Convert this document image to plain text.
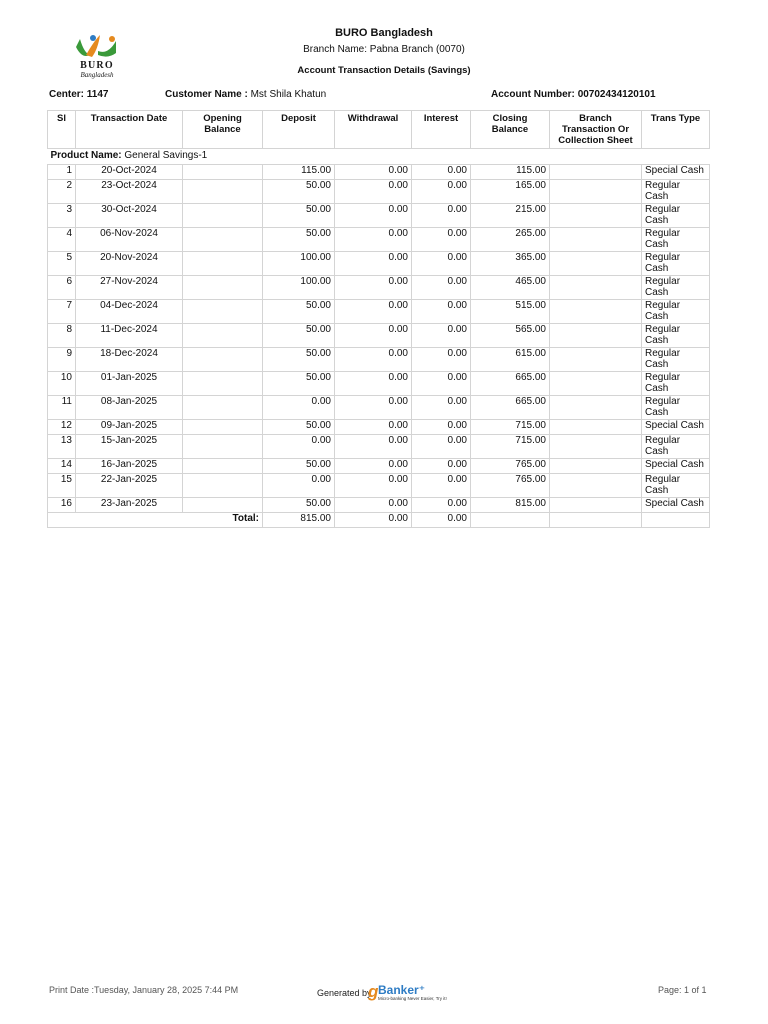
BURO
Bangladesh
BURO Bangladesh
Branch Name: Pabna Branch (0070)
Account Transaction Details (Savings)
Center: 1147	Customer Name : Mst Shila Khatun	Account Number: 00702434120101
Sl	Transaction Date	Opening Balance	Deposit	Withdrawal	Interest	Closing Balance	Branch Transaction Or Collection Sheet	Trans Type
Product Name: General Savings-1								
1	20-Oct-2024		115.00	0.00	0.00	115.00		Special Cash
2	23-Oct-2024		50.00	0.00	0.00	165.00		Regular Cash
3	30-Oct-2024		50.00	0.00	0.00	215.00		Regular Cash
4	06-Nov-2024		50.00	0.00	0.00	265.00		Regular Cash
5	20-Nov-2024		100.00	0.00	0.00	365.00		Regular Cash
6	27-Nov-2024		100.00	0.00	0.00	465.00		Regular Cash
7	04-Dec-2024		50.00	0.00	0.00	515.00		Regular Cash
8	11-Dec-2024		50.00	0.00	0.00	565.00		Regular Cash
9	18-Dec-2024		50.00	0.00	0.00	615.00		Regular Cash
10	01-Jan-2025		50.00	0.00	0.00	665.00		Regular Cash
11	08-Jan-2025		0.00	0.00	0.00	665.00		Regular Cash
12	09-Jan-2025		50.00	0.00	0.00	715.00		Special Cash
13	15-Jan-2025		0.00	0.00	0.00	715.00		Regular Cash
14	16-Jan-2025		50.00	0.00	0.00	765.00		Special Cash
15	22-Jan-2025		0.00	0.00	0.00	765.00		Regular Cash
16	23-Jan-2025		50.00	0.00	0.00	815.00		Special Cash
Total:			815.00	0.00	0.00			
Print Date :Tuesday, January 28, 2025 7:44 PM	Generated by
g Banker⁺
Micro-banking Never Easier, Try it!
Page: 1 of 1
